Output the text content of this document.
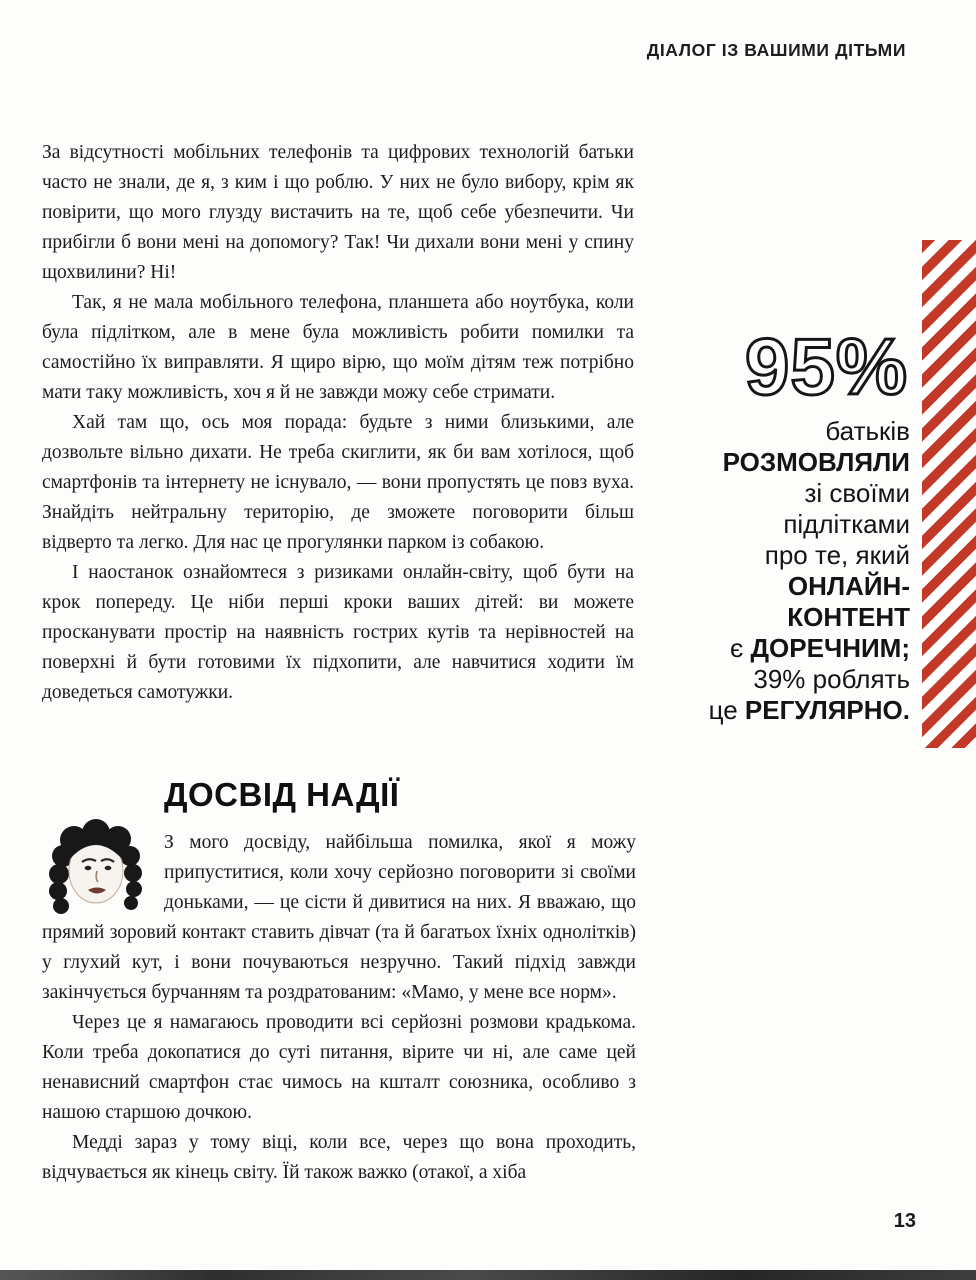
ДІАЛОГ ІЗ ВАШИМИ ДІТЬМИ

За відсутності мобільних телефонів та цифрових технологій батьки часто не знали, де я, з ким і що роблю. У них не було вибору, крім як повірити, що мого глузду вистачить на те, щоб себе убезпечити. Чи прибігли б вони мені на допомогу? Так! Чи дихали вони мені у спину щохвилини? Ні!

Так, я не мала мобільного телефона, планшета або ноутбука, коли була підлітком, але в мене була можливість робити помилки та самостійно їх виправляти. Я щиро вірю, що моїм дітям теж потрібно мати таку можливість, хоч я й не завжди можу себе стримати.

Хай там що, ось моя порада: будьте з ними близькими, але дозвольте вільно дихати. Не треба скиглити, як би вам хотілося, щоб смартфонів та інтернету не існувало, — вони пропустять це повз вуха. Знайдіть нейтральну територію, де зможете поговорити більш відверто та легко. Для нас це прогулянки парком із собакою.

І наостанок ознайомтеся з ризиками онлайн-світу, щоб бути на крок попереду. Це ніби перші кроки ваших дітей: ви можете просканувати простір на наявність гострих кутів та нерівностей на поверхні й бути готовими їх підхопити, але навчитися ходити їм доведеться самотужки.

95%
батьків
РОЗМОВЛЯЛИ
зі своїми
підлітками
про те, який
ОНЛАЙН-
КОНТЕНТ
є ДОРЕЧНИМ;
39% роблять
це РЕГУЛЯРНО.
ДОСВІД НАДІЇ

З мого досвіду, найбільша помилка, якої я можу припуститися, коли хочу серйозно поговорити зі своїми доньками, — це сісти й дивитися на них. Я вважаю, що прямий зоровий контакт ставить дівчат (та й багатьох їхніх однолітків) у глухий кут, і вони почуваються незручно. Такий підхід завжди закінчується бурчанням та роздратованим: «Мамо, у мене все норм».

Через це я намагаюсь проводити всі серйозні розмови крадькома. Коли треба докопатися до суті питання, вірите чи ні, але саме цей ненависний смартфон стає чимось на кшталт союзника, особливо з нашою старшою дочкою.

Медді зараз у тому віці, коли все, через що вона проходить, відчувається як кінець світу. Їй також важко (отакої, а хіба

13
